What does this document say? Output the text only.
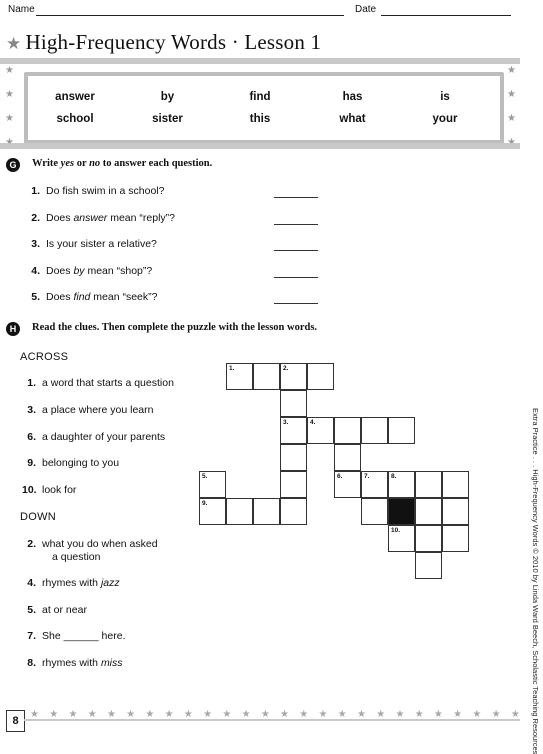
Name	Date
★ High-Frequency Words · Lesson 1
★
★
★
★
★
★
answer	by	find	has	is
school	sister	this	what	your
G	Write yes or no to answer each question.
1. Do fish swim in a school?
2. Does answer mean “reply”?
3. Is your sister a relative?
4. Does by mean “shop”?
5. Does find mean “seek”?
H	Read the clues. Then complete the puzzle with the lesson words.
ACROSS
1. a word that starts a question
3. a place where you learn
6. a daughter of your parents
9. belonging to you
10. look for
DOWN
2. what you do when asked
a question
4. rhymes with jazz
5. at or near
7. She ______ here.
8. rhymes with miss
1.	2.
3.	4.
5.	6.	7.	8.
9.
10.	Extra Practice . . . High-Frequency Words © 2010 by Linda Ward Beech, Scholastic Teaching Resources
8
★ ★ ★ ★ ★ ★ ★ ★ ★ ★ ★ ★ ★ ★ ★ ★ ★ ★ ★ ★ ★ ★ ★ ★ ★ ★
